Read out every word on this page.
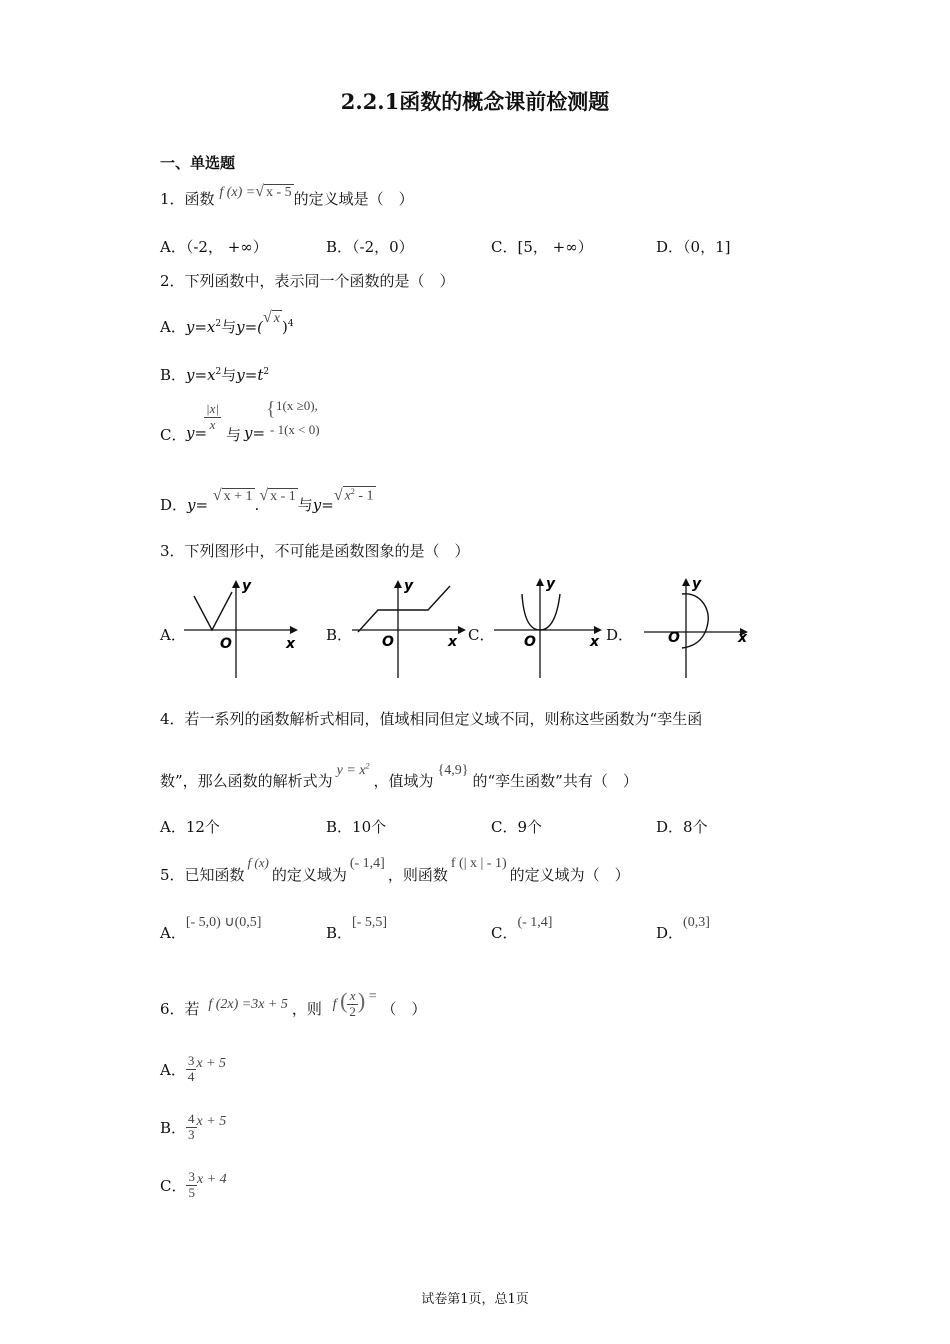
2.2.1函数的概念课前检测题
一、单选题
1．函数 f (x) =√ x - 5 的定义域是（　）
A．（-2， +∞）	B．（-2，0）	C．[5， +∞）	D．（0，1]
2．下列函数中，表示同一个函数的是（　）
A．$y=x^2$与y=(√ x )$^4$
B．$y=x^2$与$y=t^2$
C． y=
$\frac{|x|}{x}$
与 y=
{ 1(x ≥0),
- 1(x < 0)
D．y= √ x + 1 .√ x - 1 与y=√ $x^2 - 1$
3．下列图形中，不可能是函数图象的是（　）
A．
y
x
O	B．
y
x
O	C．
y
x
O	D．
y
x
O
4．若一系列的函数解析式相同，值域相同但定义域不同，则称这些函数为“孪生函
数”，那么函数的解析式为$y = x^2$，值域为{4,9}的“孪生函数”共有（　）
A．12个	B．10个	C．9个	D．8个
5．已知函数f (x)的定义域为(- 1,4]，则函数f (| x | - 1)的定义域为（　）
A．[- 5,0) ∪(0,5]
B．[- 5,5]
C．(- 1,4]
D．(0,3]
6．若 f (2x) =3x + 5 ，则 f ( $\frac{x}{2}$ ) = （　）
A． $\frac{3}{4}$ x + 5
B． $\frac{4}{3}$ x + 5
C． $\frac{3}{5}$ x + 4
试卷第1页，总1页
